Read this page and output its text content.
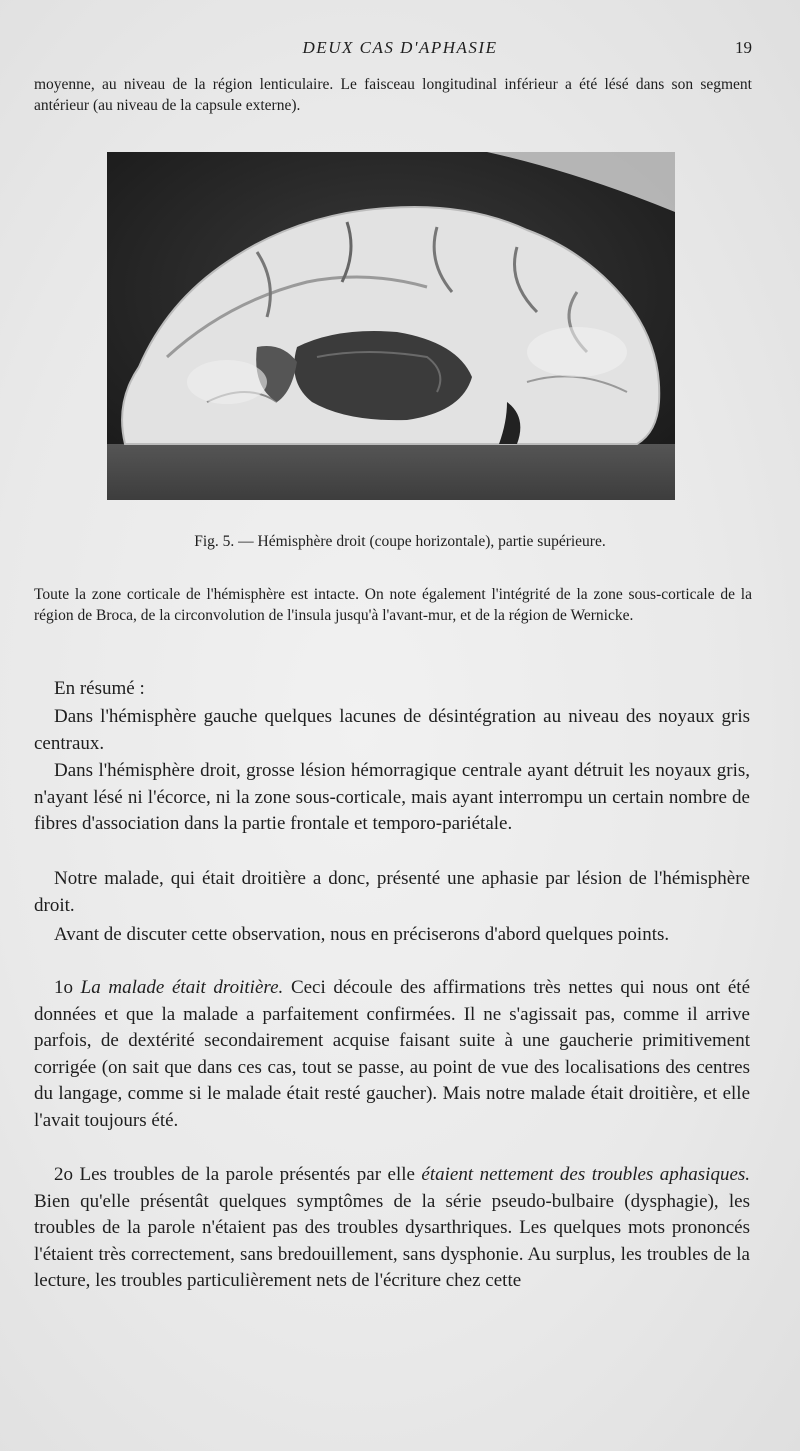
DEUX CAS D'APHASIE	19
moyenne, au niveau de la région lenticulaire. Le faisceau longitudinal inférieur a été lésé dans son segment antérieur (au niveau de la capsule externe).
Fig. 5. — Hémisphère droit (coupe horizontale), partie supérieure.
Toute la zone corticale de l'hémisphère est intacte. On note également l'intégrité de la zone sous-corticale de la région de Broca, de la circonvolution de l'insula jusqu'à l'avant-mur, et de la région de Wernicke.

En résumé :

Dans l'hémisphère gauche quelques lacunes de désintégration au niveau des noyaux gris centraux.

Dans l'hémisphère droit, grosse lésion hémorragique centrale ayant détruit les noyaux gris, n'ayant lésé ni l'écorce, ni la zone sous-corticale, mais ayant interrompu un certain nombre de fibres d'association dans la partie frontale et temporo-pariétale.

Notre malade, qui était droitière a donc, présenté une aphasie par lésion de l'hémisphère droit.

Avant de discuter cette observation, nous en préciserons d'abord quelques points.

1o La malade était droitière. Ceci découle des affirmations très nettes qui nous ont été données et que la malade a parfaitement confirmées. Il ne s'agissait pas, comme il arrive parfois, de dextérité secondairement acquise faisant suite à une gaucherie primitivement corrigée (on sait que dans ces cas, tout se passe, au point de vue des localisations des centres du langage, comme si le malade était resté gaucher). Mais notre malade était droitière, et elle l'avait toujours été.

2o Les troubles de la parole présentés par elle étaient nettement des troubles aphasiques. Bien qu'elle présentât quelques symptômes de la série pseudo-bulbaire (dysphagie), les troubles de la parole n'étaient pas des troubles dysarthriques. Les quelques mots prononcés l'étaient très correctement, sans bredouillement, sans dysphonie. Au surplus, les troubles de la lecture, les troubles particulièrement nets de l'écriture chez cette
